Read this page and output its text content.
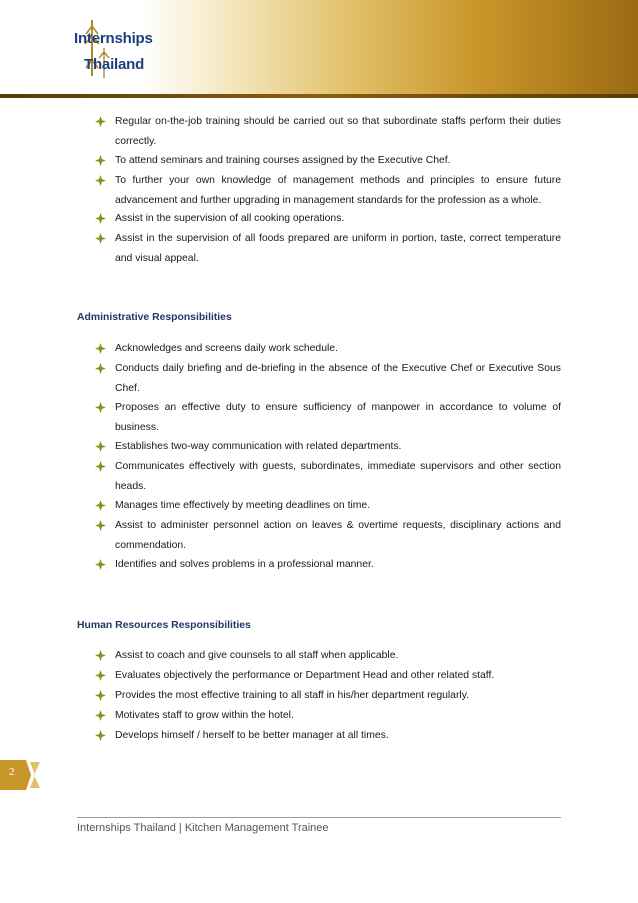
Internships
Thailand
Regular on-the-job training should be carried out so that subordinate staffs perform their duties correctly.
To attend seminars and training courses assigned by the Executive Chef.
To further your own knowledge of management methods and principles to ensure future advancement and further upgrading in management standards for the profession as a whole.
Assist in the supervision of all cooking operations.
Assist in the supervision of all foods prepared are uniform in portion, taste, correct temperature and visual appeal.
Administrative Responsibilities
Acknowledges and screens daily work schedule.
Conducts daily briefing and de-briefing in the absence of the Executive Chef or Executive Sous Chef.
Proposes an effective duty to ensure sufficiency of manpower in accordance to volume of business.
Establishes two-way communication with related departments.
Communicates effectively with guests, subordinates, immediate supervisors and other section heads.
Manages time effectively by meeting deadlines on time.
Assist to administer personnel action on leaves & overtime requests, disciplinary actions and commendation.
Identifies and solves problems in a professional manner.
Human Resources Responsibilities
Assist to coach and give counsels to all staff when applicable.
Evaluates objectively the performance or Department Head and other related staff.
Provides the most effective training to all staff in his/her department regularly.
Motivates staff to grow within the hotel.
Develops himself / herself to be better manager at all times.
2
Internships Thailand | Kitchen Management Trainee
